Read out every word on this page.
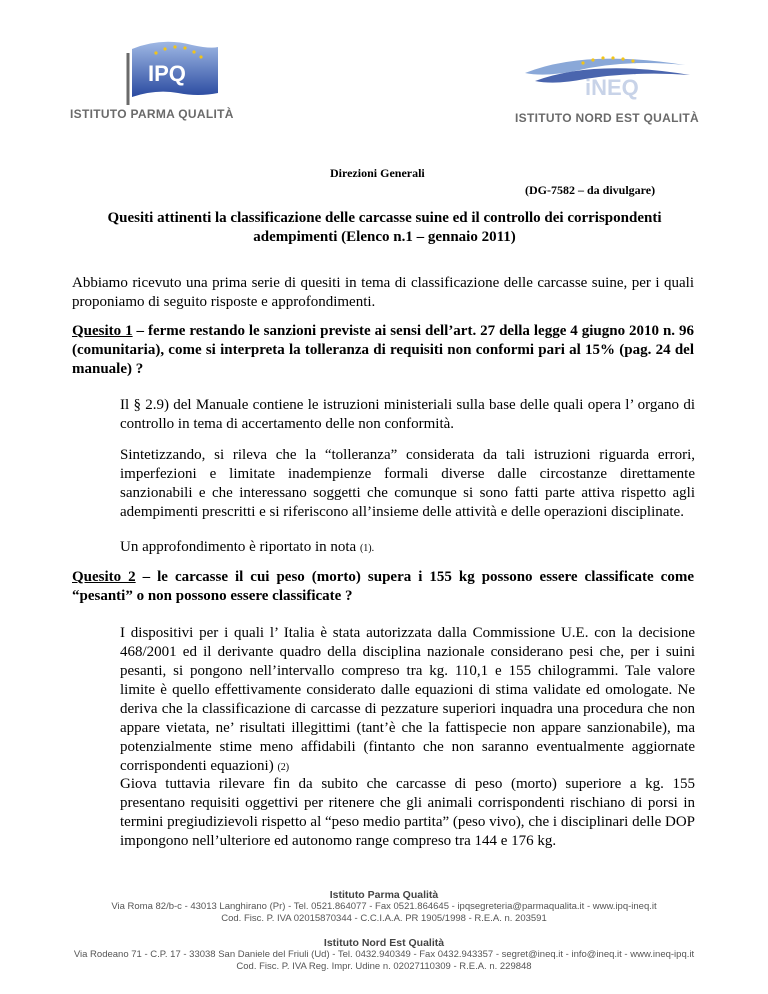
IPQ
ISTITUTO PARMA QUALITÀ
iNEQ
ISTITUTO NORD EST QUALITÀ
Direzioni Generali
(DG-7582 – da divulgare)
Quesiti attinenti la classificazione delle carcasse suine ed il controllo dei corrispondenti
adempimenti (Elenco n.1 – gennaio 2011)
Abbiamo ricevuto una prima serie di quesiti in tema di classificazione delle carcasse suine, per i quali proponiamo di seguito risposte e approfondimenti.
Quesito 1 – ferme restando le sanzioni previste ai sensi dell’art. 27 della legge 4 giugno 2010 n. 96 (comunitaria), come si interpreta la tolleranza di requisiti non conformi pari al 15% (pag. 24 del manuale) ?
Il § 2.9) del Manuale contiene le istruzioni ministeriali sulla base delle quali opera l’ organo di controllo in tema di accertamento delle non conformità.
Sintetizzando, si rileva che la “tolleranza” considerata da tali istruzioni riguarda errori, imperfezioni e limitate inadempienze formali diverse dalle circostanze direttamente sanzionabili e che interessano soggetti che comunque si sono fatti parte attiva rispetto agli adempimenti prescritti e si riferiscono all’insieme delle attività e delle operazioni disciplinate.
Un approfondimento è riportato in nota (1).
Quesito 2 – le carcasse il cui peso (morto) supera i 155 kg possono essere classificate come “pesanti” o non possono essere classificate ?
I dispositivi per i quali l’ Italia è stata autorizzata dalla Commissione U.E. con la decisione 468/2001 ed il derivante quadro della disciplina nazionale considerano pesi che, per i suini pesanti, si pongono nell’intervallo compreso tra kg. 110,1 e 155 chilogrammi. Tale valore limite è quello effettivamente considerato dalle equazioni di stima validate ed omologate. Ne deriva che la classificazione di carcasse di pezzature superiori inquadra una procedura che non appare vietata, ne’ risultati illegittimi (tant’è che la fattispecie non appare sanzionabile), ma potenzialmente stime meno affidabili (fintanto che non saranno eventualmente aggiornate corrispondenti equazioni) (2)
Giova tuttavia rilevare fin da subito che carcasse di peso (morto) superiore a kg. 155 presentano requisiti oggettivi per ritenere che gli animali corrispondenti rischiano di porsi in termini pregiudizievoli rispetto al “peso medio partita” (peso vivo), che i disciplinari delle DOP impongono nell’ulteriore ed autonomo range compreso tra 144 e 176 kg.
Istituto Parma Qualità
Via Roma 82/b-c - 43013 Langhirano (Pr) - Tel. 0521.864077 - Fax 0521.864645 - ipqsegreteria@parmaqualita.it - www.ipq-ineq.it
Cod. Fisc. P. IVA 02015870344 - C.C.I.A.A. PR 1905/1998 - R.E.A. n. 203591
Istituto Nord Est Qualità
Via Rodeano 71 - C.P. 17 - 33038 San Daniele del Friuli (Ud) - Tel. 0432.940349 - Fax 0432.943357 - segret@ineq.it - info@ineq.it - www.ineq-ipq.it
Cod. Fisc. P. IVA Reg. Impr. Udine n. 02027110309 - R.E.A. n. 229848
